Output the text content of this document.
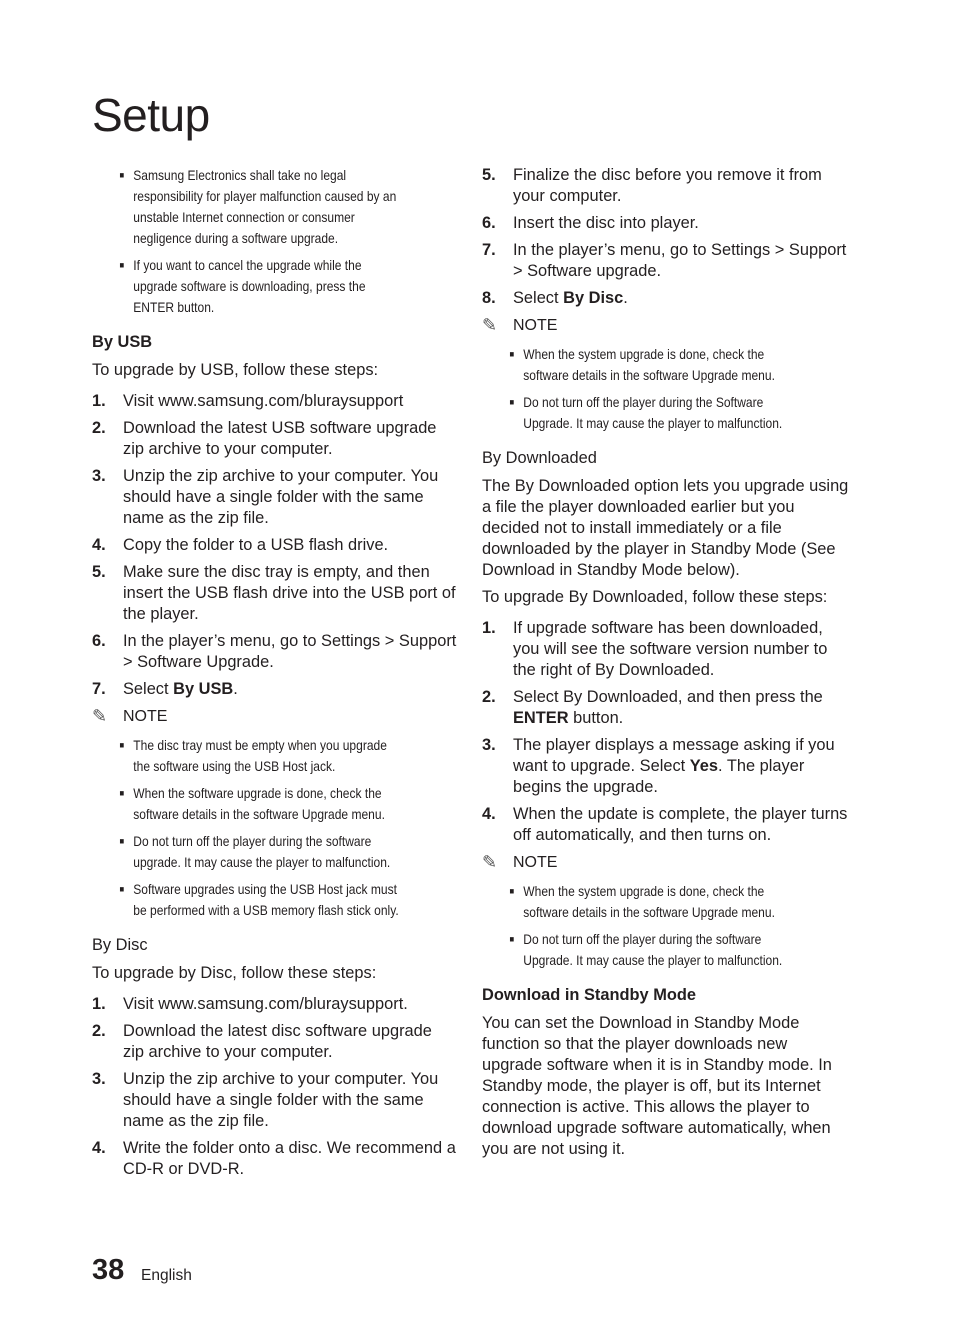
Setup
■ Samsung Electronics shall take no legal responsibility for player malfunction caused by an unstable Internet connection or consumer negligence during a software upgrade.
■ If you want to cancel the upgrade while the upgrade software is downloading, press the ENTER button.
By USB

To upgrade by USB, follow these steps:

1.	Visit www.samsung.com/bluraysupport
2.	Download the latest USB software upgrade zip archive to your computer.
3.	Unzip the zip archive to your computer. You should have a single folder with the same name as the zip file.
4.	Copy the folder to a USB flash drive.
5.	Make sure the disc tray is empty, and then insert the USB flash drive into the USB port of the player.
6.	In the player’s menu, go to Settings > Support > Software Upgrade.
7.	Select By USB.
✎ NOTE
■ The disc tray must be empty when you upgrade the software using the USB Host jack.
■ When the software upgrade is done, check the software details in the software Upgrade menu.
■ Do not turn off the player during the software upgrade. It may cause the player to malfunction.
■ Software upgrades using the USB Host jack must be performed with a USB memory flash stick only.
By Disc

To upgrade by Disc, follow these steps:

1.	Visit www.samsung.com/bluraysupport.
2.	Download the latest disc software upgrade zip archive to your computer.
3.	Unzip the zip archive to your computer. You should have a single folder with the same name as the zip file.
4.	Write the folder onto a disc. We recommend a CD-R or DVD-R.
5.	Finalize the disc before you remove it from your computer.
6.	Insert the disc into player.
7.	In the player’s menu, go to Settings > Support > Software upgrade.
8.	Select By Disc.
✎ NOTE
■ When the system upgrade is done, check the software details in the software Upgrade menu.
■ Do not turn off the player during the Software Upgrade. It may cause the player to malfunction.
By Downloaded

The By Downloaded option lets you upgrade using a file the player downloaded earlier but you decided not to install immediately or a file downloaded by the player in Standby Mode (See Download in Standby Mode below).

To upgrade By Downloaded, follow these steps:

1.	If upgrade software has been downloaded, you will see the software version number to the right of By Downloaded.
2.	Select By Downloaded, and then press the ENTER button.
3.	The player displays a message asking if you want to upgrade. Select Yes. The player begins the upgrade.
4.	When the update is complete, the player turns off automatically, and then turns on.
✎ NOTE
■ When the system upgrade is done, check the software details in the software Upgrade menu.
■ Do not turn off the player during the software Upgrade. It may cause the player to malfunction.
Download in Standby Mode

You can set the Download in Standby Mode function so that the player downloads new upgrade software when it is in Standby mode. In Standby mode, the player is off, but its Internet connection is active. This allows the player to download upgrade software automatically, when you are not using it.

38 English
